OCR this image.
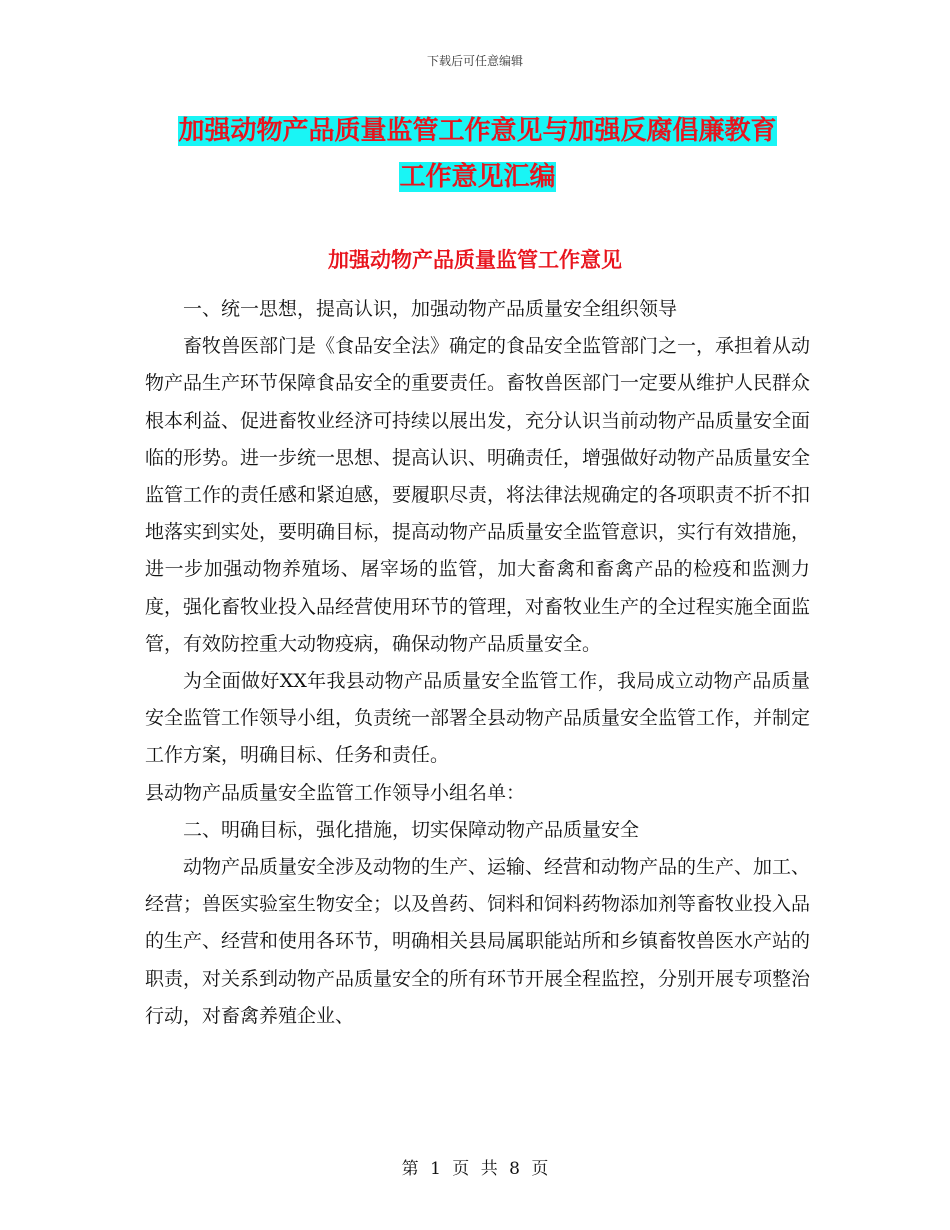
下载后可任意编辑
加强动物产品质量监管工作意见与加强反腐倡廉教育
工作意见汇编
加强动物产品质量监管工作意见

一、统一思想，提高认识，加强动物产品质量安全组织领导

畜牧兽医部门是《食品安全法》确定的食品安全监管部门之一，承担着从动物产品生产环节保障食品安全的重要责任。畜牧兽医部门一定要从维护人民群众根本利益、促进畜牧业经济可持续以展出发，充分认识当前动物产品质量安全面临的形势。进一步统一思想、提高认识、明确责任，增强做好动物产品质量安全监管工作的责任感和紧迫感，要履职尽责，将法律法规确定的各项职责不折不扣地落实到实处，要明确目标，提高动物产品质量安全监管意识，实行有效措施，进一步加强动物养殖场、屠宰场的监管，加大畜禽和畜禽产品的检疫和监测力度，强化畜牧业投入品经营使用环节的管理，对畜牧业生产的全过程实施全面监管，有效防控重大动物疫病，确保动物产品质量安全。

为全面做好XX年我县动物产品质量安全监管工作，我局成立动物产品质量安全监管工作领导小组，负责统一部署全县动物产品质量安全监管工作，并制定工作方案，明确目标、任务和责任。

县动物产品质量安全监管工作领导小组名单：

二、明确目标，强化措施，切实保障动物产品质量安全

动物产品质量安全涉及动物的生产、运输、经营和动物产品的生产、加工、经营；兽医实验室生物安全；以及兽药、饲料和饲料药物添加剂等畜牧业投入品的生产、经营和使用各环节，明确相关县局属职能站所和乡镇畜牧兽医水产站的职责，对关系到动物产品质量安全的所有环节开展全程监控，分别开展专项整治行动，对畜禽养殖企业、

第 1 页 共 8 页
